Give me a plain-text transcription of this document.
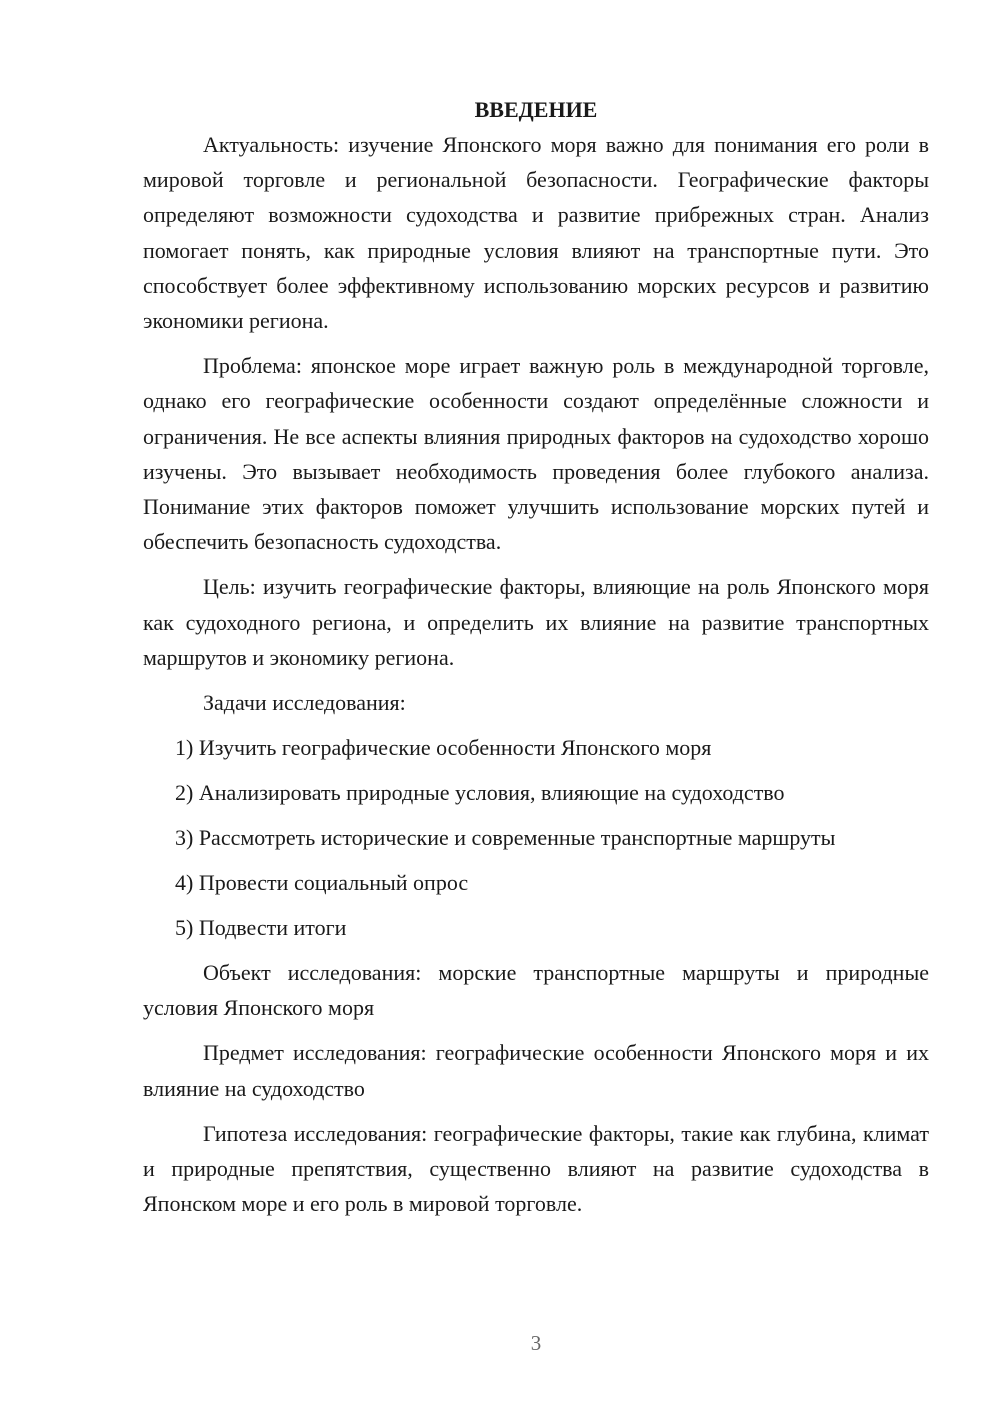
ВВЕДЕНИЕ

Актуальность: изучение Японского моря важно для понимания его роли в мировой торговле и региональной безопасности. Географические факторы определяют возможности судоходства и развитие прибрежных стран. Анализ помогает понять, как природные условия влияют на транспортные пути. Это способствует более эффективному использованию морских ресурсов и развитию экономики региона.

Проблема: японское море играет важную роль в международной торговле, однако его географические особенности создают определённые сложности и ограничения. Не все аспекты влияния природных факторов на судоходство хорошо изучены. Это вызывает необходимость проведения более глубокого анализа. Понимание этих факторов поможет улучшить использование морских путей и обеспечить безопасность судоходства.

Цель: изучить географические факторы, влияющие на роль Японского моря как судоходного региона, и определить их влияние на развитие транспортных маршрутов и экономику региона.

Задачи исследования:

1) Изучить географические особенности Японского моря
2) Анализировать природные условия, влияющие на судоходство
3) Рассмотреть исторические и современные транспортные маршруты
4) Провести социальный опрос
5) Подвести итоги

Объект исследования: морские транспортные маршруты и природные условия Японского моря

Предмет исследования: географические особенности Японского моря и их влияние на судоходство

Гипотеза исследования: географические факторы, такие как глубина, климат и природные препятствия, существенно влияют на развитие судоходства в Японском море и его роль в мировой торговле.

3
